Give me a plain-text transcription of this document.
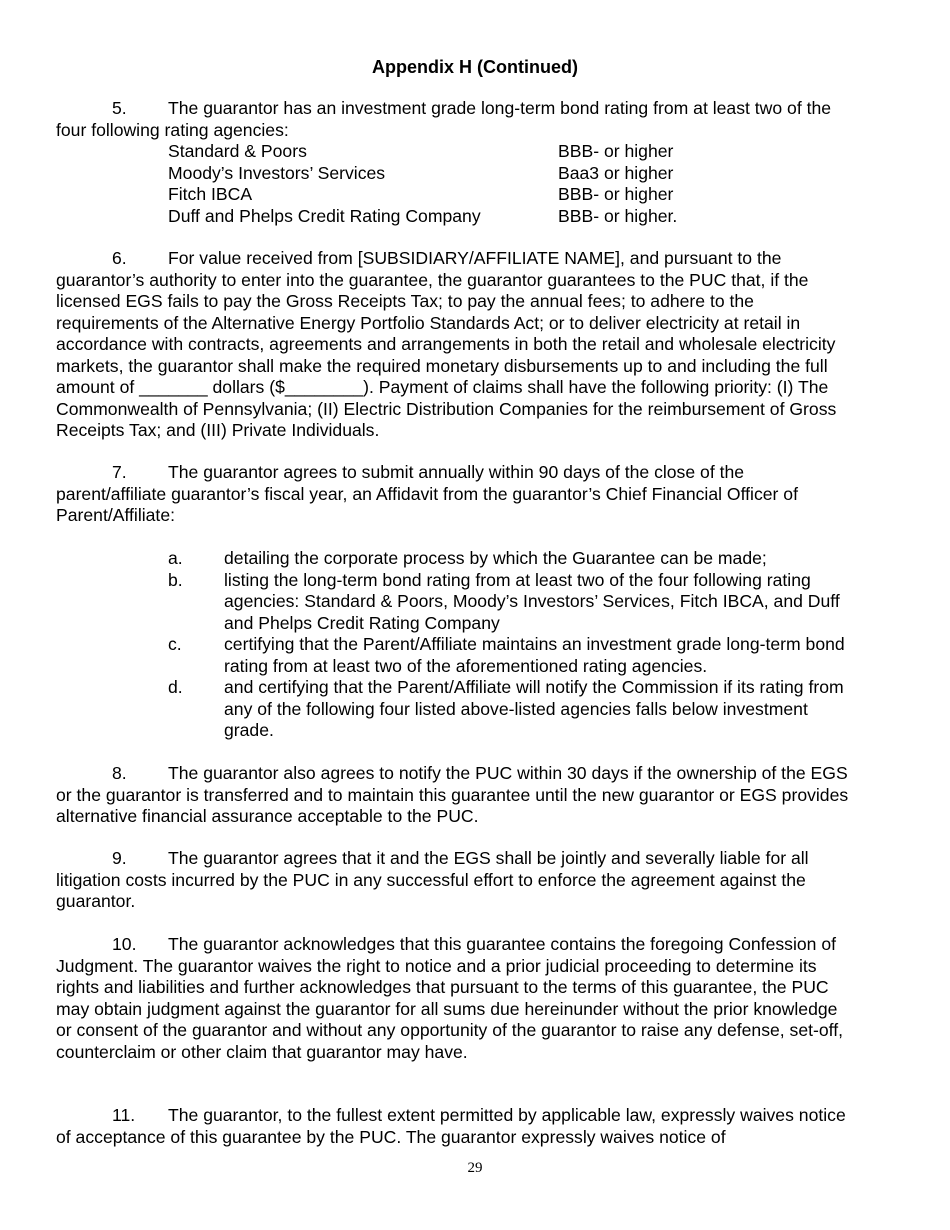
Appendix H (Continued)

5. The guarantor has an investment grade long-term bond rating from at least two of the four following rating agencies:

Standard & Poors	BBB- or higher
Moody’s Investors’ Services	Baa3 or higher
Fitch IBCA	BBB- or higher
Duff and Phelps Credit Rating Company	BBB- or higher.

6. For value received from [SUBSIDIARY/AFFILIATE NAME], and pursuant to the guarantor’s authority to enter into the guarantee, the guarantor guarantees to the PUC that, if the licensed EGS fails to pay the Gross Receipts Tax; to pay the annual fees; to adhere to the requirements of the Alternative Energy Portfolio Standards Act; or to deliver electricity at retail in accordance with contracts, agreements and arrangements in both the retail and wholesale electricity markets, the guarantor shall make the required monetary disbursements up to and including the full amount of _______ dollars ($________). Payment of claims shall have the following priority: (I) The Commonwealth of Pennsylvania; (II) Electric Distribution Companies for the reimbursement of Gross Receipts Tax; and (III) Private Individuals.

7. The guarantor agrees to submit annually within 90 days of the close of the parent/affiliate guarantor’s fiscal year, an Affidavit from the guarantor’s Chief Financial Officer of Parent/Affiliate:

a.	detailing the corporate process by which the Guarantee can be made;
b.	listing the long-term bond rating from at least two of the four following rating agencies: Standard & Poors, Moody’s Investors’ Services, Fitch IBCA, and Duff and Phelps Credit Rating Company
c.	certifying that the Parent/Affiliate maintains an investment grade long-term bond rating from at least two of the aforementioned rating agencies.
d.	and certifying that the Parent/Affiliate will notify the Commission if its rating from any of the following four listed above-listed agencies falls below investment grade.

8. The guarantor also agrees to notify the PUC within 30 days if the ownership of the EGS or the guarantor is transferred and to maintain this guarantee until the new guarantor or EGS provides alternative financial assurance acceptable to the PUC.

9. The guarantor agrees that it and the EGS shall be jointly and severally liable for all litigation costs incurred by the PUC in any successful effort to enforce the agreement against the guarantor.

10. The guarantor acknowledges that this guarantee contains the foregoing Confession of Judgment. The guarantor waives the right to notice and a prior judicial proceeding to determine its rights and liabilities and further acknowledges that pursuant to the terms of this guarantee, the PUC may obtain judgment against the guarantor for all sums due hereinunder without the prior knowledge or consent of the guarantor and without any opportunity of the guarantor to raise any defense, set-off, counterclaim or other claim that guarantor may have.

11. The guarantor, to the fullest extent permitted by applicable law, expressly waives notice of acceptance of this guarantee by the PUC. The guarantor expressly waives notice of

29
